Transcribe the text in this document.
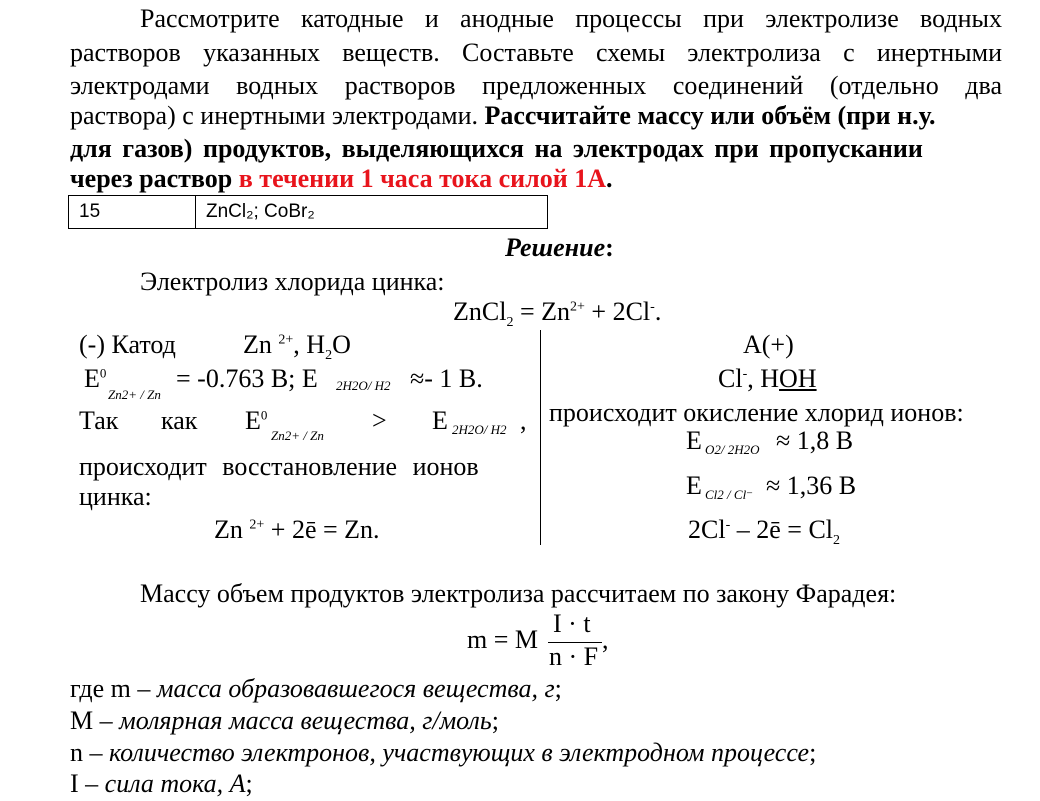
Рассмотрите катодные и анодные процессы при электролизе водных
растворов указанных веществ. Составьте схемы электролиза с инертными
электродами водных растворов предложенных соединений (отдельно два
раствора) с инертными электродами. Рассчитайте массу или объём (при н.у.
для газов) продуктов, выделяющихся на электродах при пропускании
через раствор в течении 1 часа тока силой 1А.
15	ZnCl₂; CoBr₂
Решение:
Электролиз хлорида цинка:
ZnCl$_2$ = $Zn^{2+} + 2Cl^-$.
(-) Катод	Zn $^{2+}$, $H_2O$
$E^0$
Zn2+ / Zn
= -0.763 В; E 2H2O/ H2 ≈- 1 В.
Так как $E^0$
Zn2+ / Zn
> E 2H2O/ H2 ,
происходит восстановление ионов
цинка:
Zn $^{2+}$ + 2ē = Zn.
A(+)
Cl-, HOH
происходит окисление хлорид ионов:
E O2/ 2H2O ≈ 1,8 В
E Cl2 / Cl⁻ ≈ 1,36 В
2Cl- – 2ē = $Cl_2$
Массу объем продуктов электролиза рассчитаем по закону Фарадея:
m = M
I · t
n · F
,
где m – масса образовавшегося вещества, г;
M – молярная масса вещества, г/моль;
n – количество электронов, участвующих в электродном процессе;
I – сила тока, А;
